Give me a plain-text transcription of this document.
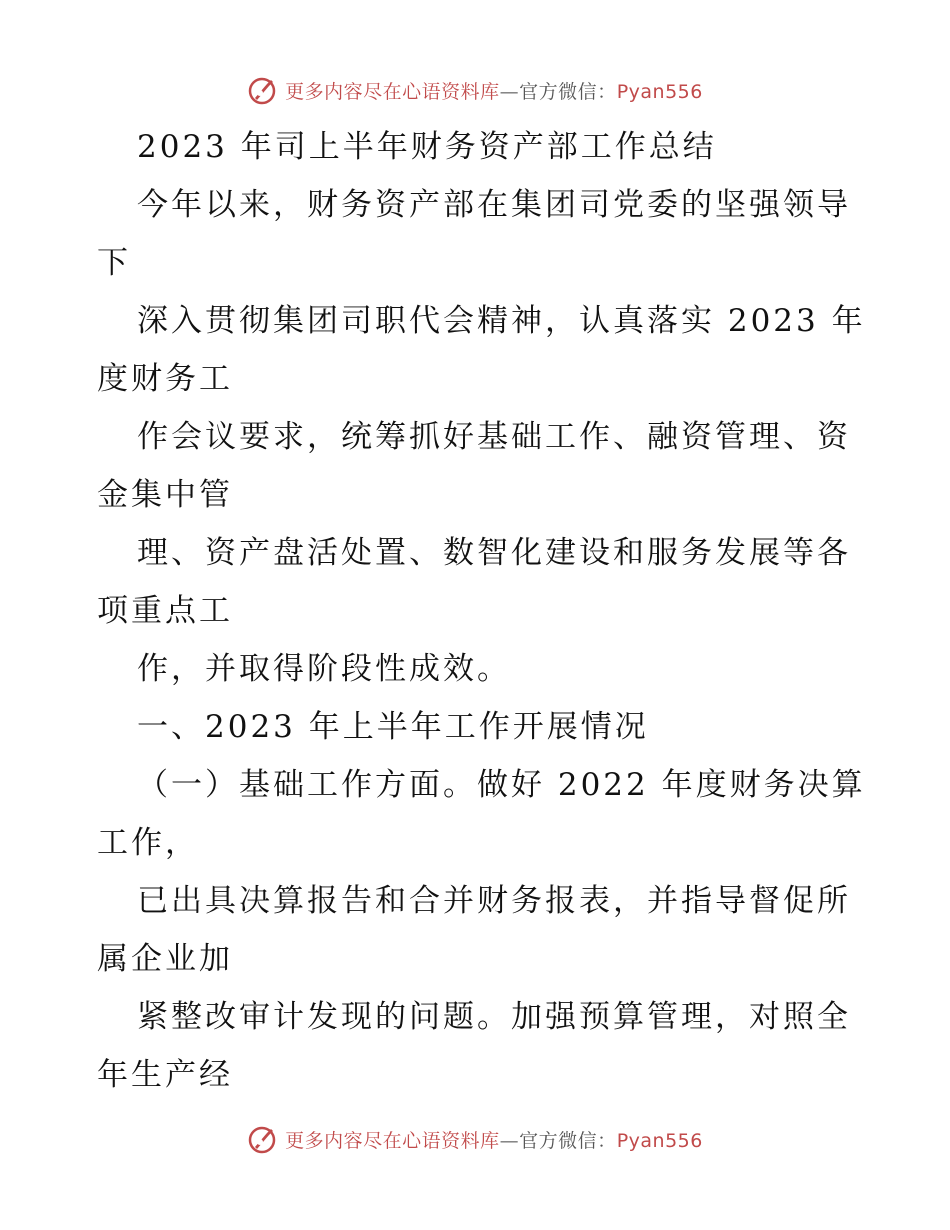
更多内容尽在心语资料库—官方微信：Pyan556
2023 年司上半年财务资产部工作总结
今年以来，财务资产部在集团司党委的坚强领导
下
深入贯彻集团司职代会精神，认真落实 2023 年
度财务工
作会议要求，统筹抓好基础工作、融资管理、资
金集中管
理、资产盘活处置、数智化建设和服务发展等各
项重点工
作，并取得阶段性成效。
一、2023 年上半年工作开展情况
（一）基础工作方面。做好 2022 年度财务决算
工作，
已出具决算报告和合并财务报表，并指导督促所
属企业加
紧整改审计发现的问题。加强预算管理，对照全
年生产经
更多内容尽在心语资料库—官方微信：Pyan556
